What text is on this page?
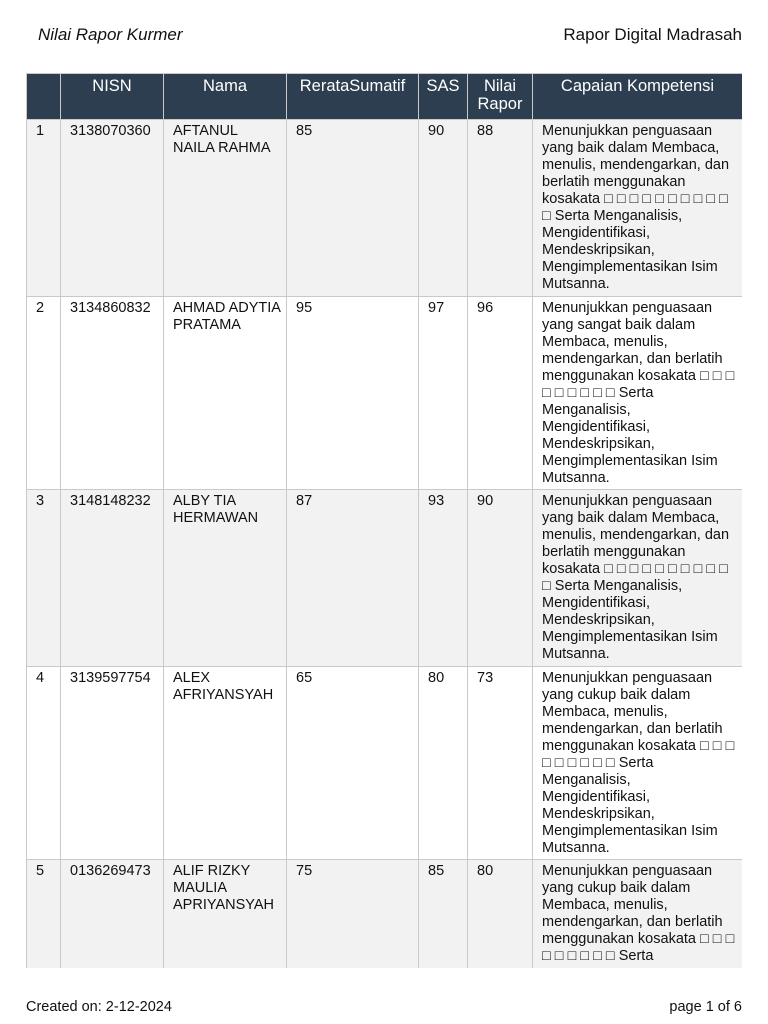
Nilai Rapor Kurmer	Rapor Digital Madrasah
	NISN	Nama	RerataSumatif	SAS	Nilai Rapor	Capaian Kompetensi
1	3138070360	AFTANUL NAILA RAHMA	85	90	88	Menunjukkan penguasaan yang baik dalam Membaca, menulis, mendengarkan, dan berlatih menggunakan kosakata □ □ □ □ □ □ □ □ □ □ □ Serta Menganalisis, Mengidentifikasi, Mendeskripsikan, Mengimplementasikan Isim Mutsanna.
2	3134860832	AHMAD ADYTIA PRATAMA	95	97	96	Menunjukkan penguasaan yang sangat baik dalam Membaca, menulis, mendengarkan, dan berlatih menggunakan kosakata □ □ □ □ □ □ □ □ □ Serta Menganalisis, Mengidentifikasi, Mendeskripsikan, Mengimplementasikan Isim Mutsanna.
3	3148148232	ALBY TIA HERMAWAN	87	93	90	Menunjukkan penguasaan yang baik dalam Membaca, menulis, mendengarkan, dan berlatih menggunakan kosakata □ □ □ □ □ □ □ □ □ □ □ Serta Menganalisis, Mengidentifikasi, Mendeskripsikan, Mengimplementasikan Isim Mutsanna.
4	3139597754	ALEX AFRIYANSYAH	65	80	73	Menunjukkan penguasaan yang cukup baik dalam Membaca, menulis, mendengarkan, dan berlatih menggunakan kosakata □ □ □ □ □ □ □ □ □ Serta Menganalisis, Mengidentifikasi, Mendeskripsikan, Mengimplementasikan Isim Mutsanna.
5	0136269473	ALIF RIZKY MAULIA APRIYANSYAH	75	85	80	Menunjukkan penguasaan yang cukup baik dalam Membaca, menulis, mendengarkan, dan berlatih menggunakan kosakata □ □ □ □ □ □ □ □ □ Serta
Created on: 2-12-2024	page 1 of 6
